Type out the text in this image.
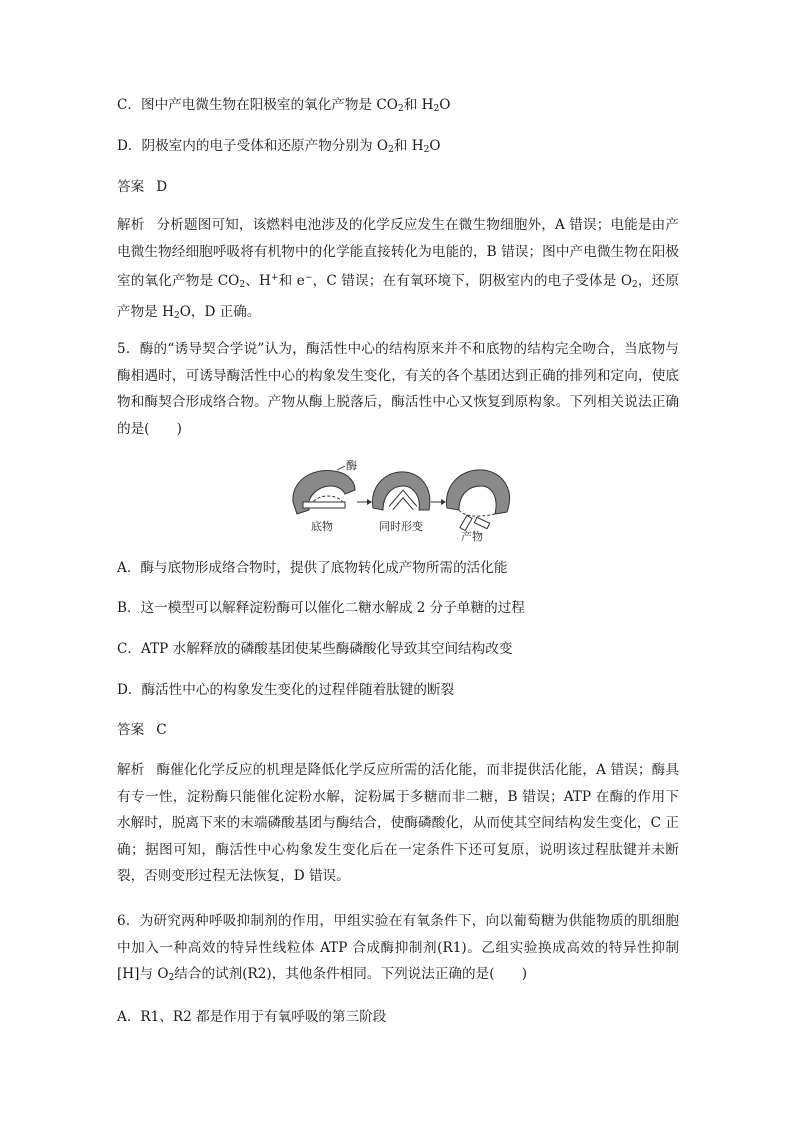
C．图中产电微生物在阳极室的氧化产物是 $CO_2$和 $H_2O$
D．阴极室内的电子受体和还原产物分别为 $O_2$和 $H_2O$
答案 D
解析 分析题图可知，该燃料电池涉及的化学反应发生在微生物细胞外，A 错误；电能是由产电微生物经细胞呼吸将有机物中的化学能直接转化为电能的，B 错误；图中产电微生物在阳极室的氧化产物是 $CO_2$、H+和 e−，C 错误；在有氧环境下，阴极室内的电子受体是 $O_2$，还原产物是 $H_2O$，D 正确。
5．酶的“诱导契合学说”认为，酶活性中心的结构原来并不和底物的结构完全吻合，当底物与酶相遇时，可诱导酶活性中心的构象发生变化，有关的各个基团达到正确的排列和定向，使底物和酶契合形成络合物。产物从酶上脱落后，酶活性中心又恢复到原构象。下列相关说法正确的是(　　)
酶
底物	同时形变
产物
A．酶与底物形成络合物时，提供了底物转化成产物所需的活化能
B．这一模型可以解释淀粉酶可以催化二糖水解成 2 分子单糖的过程
C．ATP 水解释放的磷酸基团使某些酶磷酸化导致其空间结构改变
D．酶活性中心的构象发生变化的过程伴随着肽键的断裂
答案 C
解析 酶催化化学反应的机理是降低化学反应所需的活化能，而非提供活化能，A 错误；酶具有专一性，淀粉酶只能催化淀粉水解，淀粉属于多糖而非二糖，B 错误；ATP 在酶的作用下水解时，脱离下来的末端磷酸基团与酶结合，使酶磷酸化，从而使其空间结构发生变化，C 正确；据图可知，酶活性中心构象发生变化后在一定条件下还可复原，说明该过程肽键并未断裂，否则变形过程无法恢复，D 错误。
6．为研究两种呼吸抑制剂的作用，甲组实验在有氧条件下，向以葡萄糖为供能物质的肌细胞中加入一种高效的特异性线粒体 ATP 合成酶抑制剂(R1)。乙组实验换成高效的特异性抑制[H]与 $O_2$结合的试剂(R2)，其他条件相同。下列说法正确的是(　　)
A．R1、R2 都是作用于有氧呼吸的第三阶段
